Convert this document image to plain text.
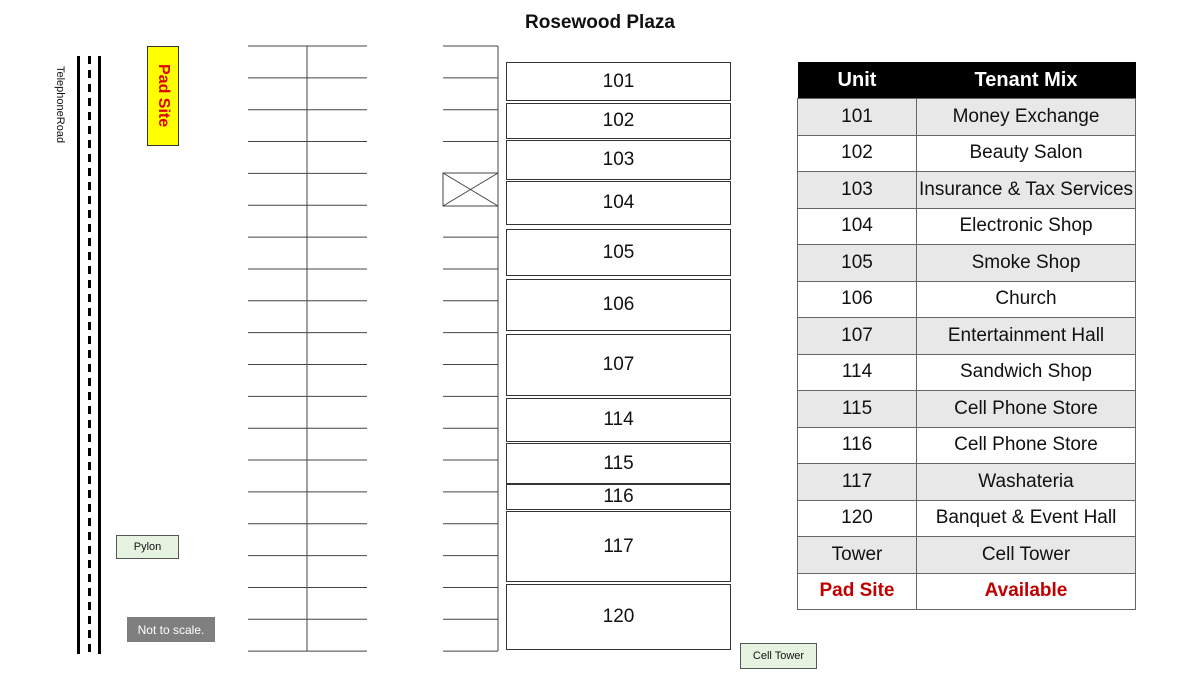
Rosewood Plaza
TelephoneRoad	Pad Site	101
102
103
104
105
106
107
114
115
116
117
120
Pylon
Not to scale.
Cell Tower
Unit	Tenant Mix
101	Money Exchange
102	Beauty Salon
103	Insurance & Tax Services
104	Electronic Shop
105	Smoke Shop
106	Church
107	Entertainment Hall
114	Sandwich Shop
115	Cell Phone Store
116	Cell Phone Store
117	Washateria
120	Banquet & Event Hall
Tower	Cell Tower
Pad Site	Available
